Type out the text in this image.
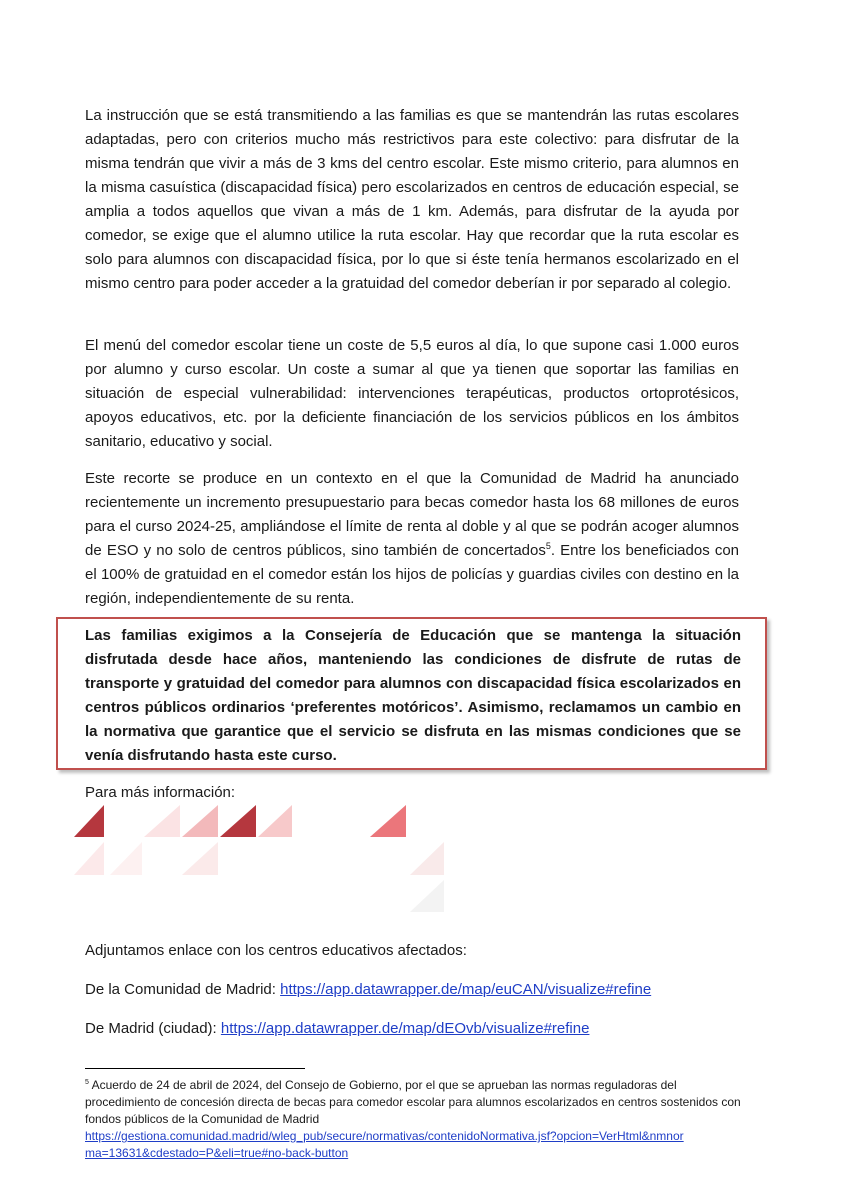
La instrucción que se está transmitiendo a las familias es que se mantendrán las rutas escolares adaptadas, pero con criterios mucho más restrictivos para este colectivo: para disfrutar de la misma tendrán que vivir a más de 3 kms del centro escolar. Este mismo criterio, para alumnos en la misma casuística (discapacidad física) pero escolarizados en centros de educación especial, se amplia a todos aquellos que vivan a más de 1 km. Además, para disfrutar de la ayuda por comedor, se exige que el alumno utilice la ruta escolar. Hay que recordar que la ruta escolar es solo para alumnos con discapacidad física, por lo que si éste tenía hermanos escolarizado en el mismo centro para poder acceder a la gratuidad del comedor deberían ir por separado al colegio.

El menú del comedor escolar tiene un coste de 5,5 euros al día, lo que supone casi 1.000 euros por alumno y curso escolar. Un coste a sumar al que ya tienen que soportar las familias en situación de especial vulnerabilidad: intervenciones terapéuticas, productos ortoprotésicos, apoyos educativos, etc. por la deficiente financiación de los servicios públicos en los ámbitos sanitario, educativo y social.

Este recorte se produce en un contexto en el que la Comunidad de Madrid ha anunciado recientemente un incremento presupuestario para becas comedor hasta los 68 millones de euros para el curso 2024-25, ampliándose el límite de renta al doble y al que se podrán acoger alumnos de ESO y no solo de centros públicos, sino también de concertados$^5$. Entre los beneficiados con el 100% de gratuidad en el comedor están los hijos de policías y guardias civiles con destino en la región, independientemente de su renta.

Las familias exigimos a la Consejería de Educación que se mantenga la situación disfrutada desde hace años, manteniendo las condiciones de disfrute de rutas de transporte y gratuidad del comedor para alumnos con discapacidad física escolarizados en centros públicos ordinarios ‘preferentes motóricos’. Asimismo, reclamamos un cambio en la normativa que garantice que el servicio se disfruta en las mismas condiciones que se venía disfrutando hasta este curso.

Para más información:

Adjuntamos enlace con los centros educativos afectados:

De la Comunidad de Madrid: https://app.datawrapper.de/map/euCAN/visualize#refine

De Madrid (ciudad): https://app.datawrapper.de/map/dEOvb/visualize#refine

$^5$ Acuerdo de 24 de abril de 2024, del Consejo de Gobierno, por el que se aprueban las normas reguladoras del procedimiento de concesión directa de becas para comedor escolar para alumnos escolarizados en centros sostenidos con fondos públicos de la Comunidad de Madrid
https://gestiona.comunidad.madrid/wleg_pub/secure/normativas/contenidoNormativa.jsf?opcion=VerHtml&nmnor
ma=13631&cdestado=P&eli=true#no-back-button
